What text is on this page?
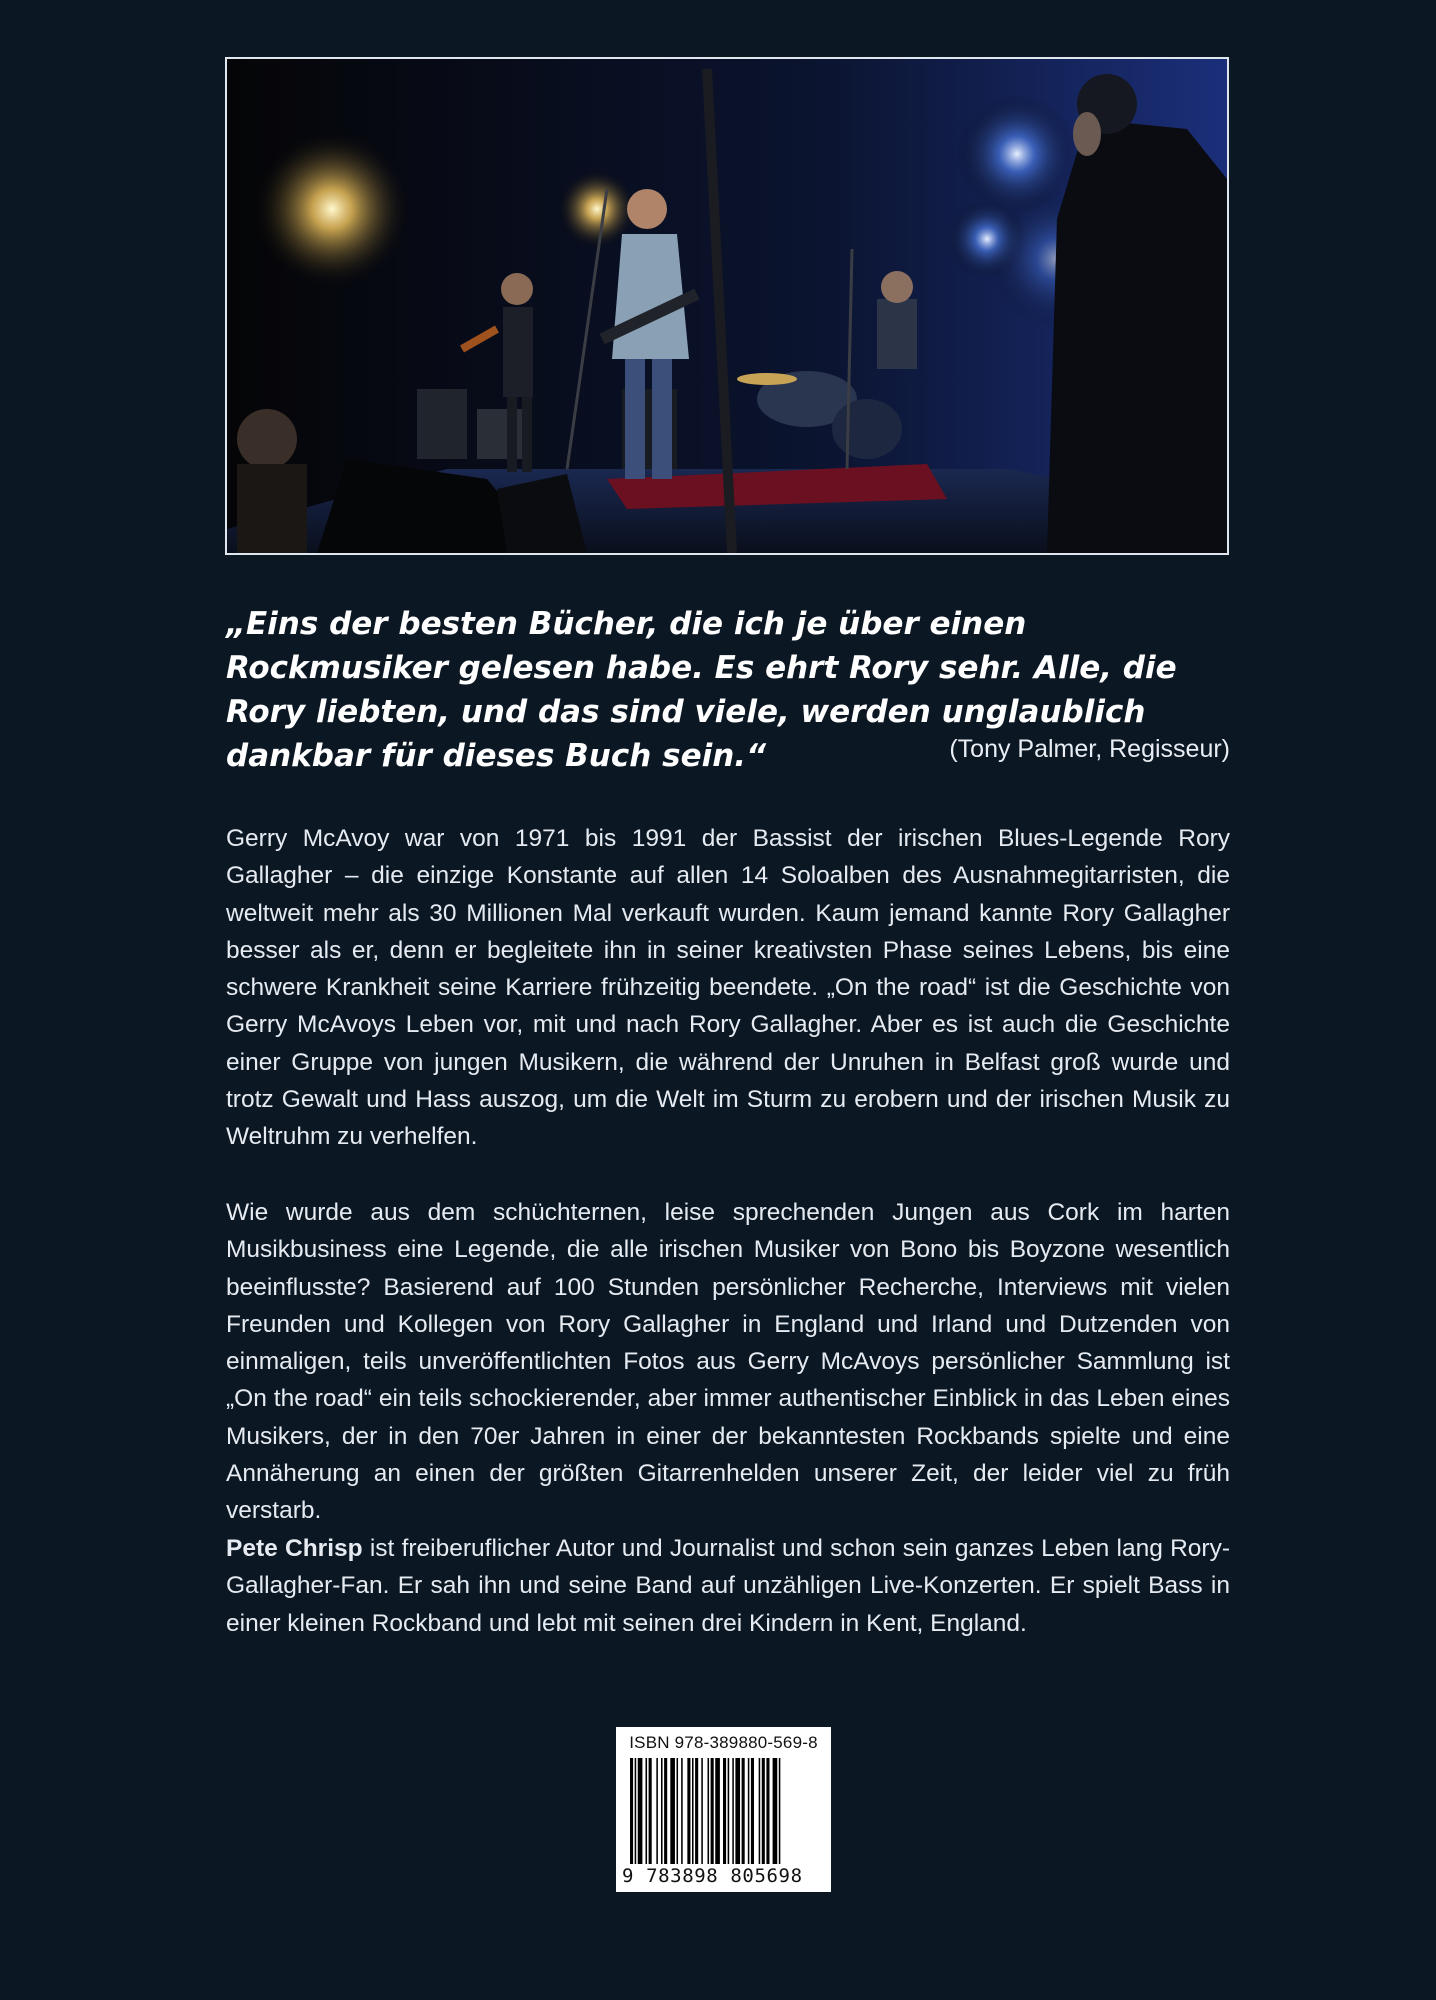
„Eins der besten Bücher, die ich je über einen Rockmusiker gelesen habe. Es ehrt Rory sehr. Alle, die Rory liebten, und das sind viele, werden unglaublich dankbar für dieses Buch sein.“	(Tony Palmer, Regisseur)

Gerry McAvoy war von 1971 bis 1991 der Bassist der irischen Blues-Legende Rory Gallagher – die einzige Konstante auf allen 14 Soloalben des Ausnahmegitarristen, die weltweit mehr als 30 Millionen Mal verkauft wurden. Kaum jemand kannte Rory Gallagher besser als er, denn er begleitete ihn in seiner kreativsten Phase seines Lebens, bis eine schwere Krankheit seine Karriere frühzeitig beendete. „On the road“ ist die Geschichte von Gerry McAvoys Leben vor, mit und nach Rory Gallagher. Aber es ist auch die Geschichte einer Gruppe von jungen Musikern, die während der Unruhen in Belfast groß wurde und trotz Gewalt und Hass auszog, um die Welt im Sturm zu erobern und der irischen Musik zu Weltruhm zu verhelfen.

Wie wurde aus dem schüchternen, leise sprechenden Jungen aus Cork im harten Musikbusiness eine Legende, die alle irischen Musiker von Bono bis Boyzone wesentlich beeinflusste? Basierend auf 100 Stunden persönlicher Recherche, Interviews mit vielen Freunden und Kollegen von Rory Gallagher in England und Irland und Dutzenden von einmaligen, teils unveröffentlichten Fotos aus Gerry McAvoys persönlicher Sammlung ist „On the road“ ein teils schockierender, aber immer authentischer Einblick in das Leben eines Musikers, der in den 70er Jahren in einer der bekanntesten Rockbands spielte und eine Annäherung an einen der größten Gitarrenhelden unserer Zeit, der leider viel zu früh verstarb.

Pete Chrisp ist freiberuflicher Autor und Journalist und schon sein ganzes Leben lang Rory-Gallagher-Fan. Er sah ihn und seine Band auf unzähligen Live-Konzerten. Er spielt Bass in einer kleinen Rockband und lebt mit seinen drei Kindern in Kent, England.

ISBN 978-389880-569-8
9 783898 805698
